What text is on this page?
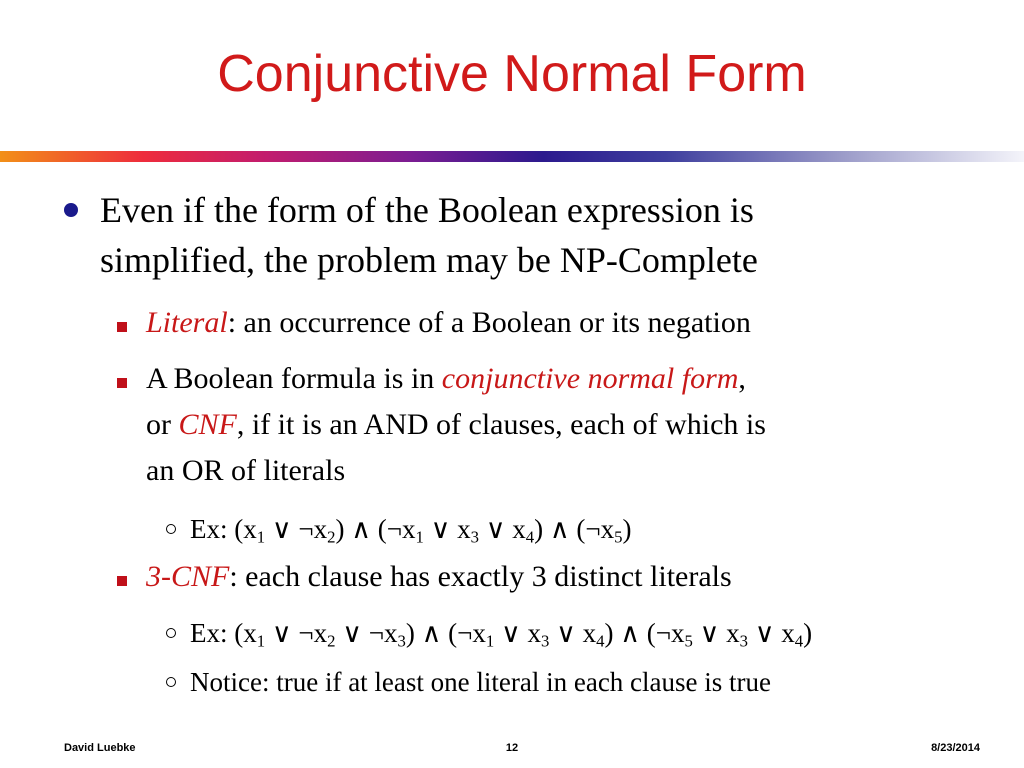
Conjunctive Normal Form
Even if the form of the Boolean expression is
simplified, the problem may be NP-Complete
Literal: an occurrence of a Boolean or its negation
A Boolean formula is in conjunctive normal form,
or CNF, if it is an AND of clauses, each of which is
an OR of literals
Ex: ($x_1$ ∨ $\neg x_2$) ∧ ($\neg x_1$ ∨ $x_3$ ∨ $x_4$) ∧ $(\neg x_5)$
3-CNF: each clause has exactly 3 distinct literals
Ex: ($x_1$ ∨ $\neg x_2$ ∨ $\neg x_3$) ∧ ($\neg x_1$ ∨ $x_3$ ∨ $x_4$) ∧ ($\neg x_5$ ∨ $x_3$ ∨ $x_4$)
Notice: true if at least one literal in each clause is true
David Luebke	12	8/23/2014
